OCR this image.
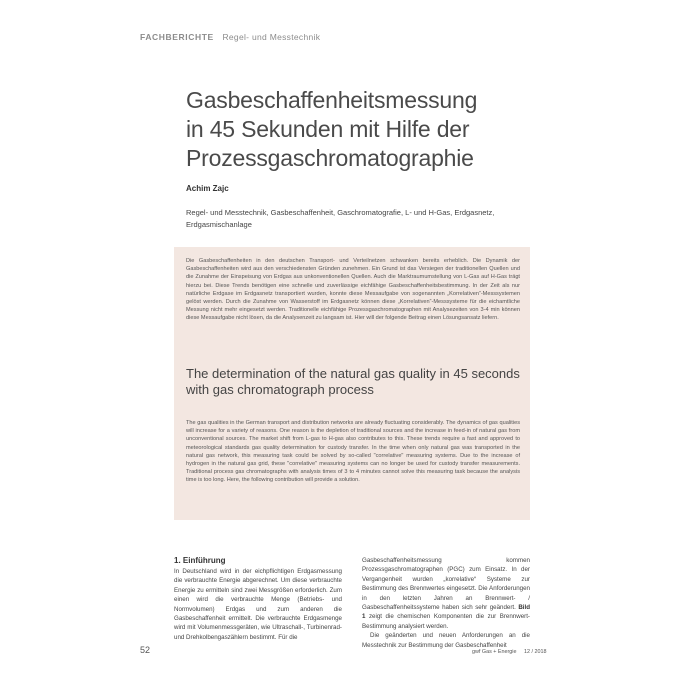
FACHBERICHTE Regel- und Messtechnik
Gasbeschaffenheitsmessung
in 45 Sekunden mit Hilfe der
Prozessgaschromatographie

Achim Zajc

Regel- und Messtechnik, Gasbeschaffenheit, Gaschromatografie, L- und H-Gas, Erdgasnetz, Erdgasmischanlage

Die Gasbeschaffenheiten in den deutschen Transport- und Verteilnetzen schwanken bereits erheblich. Die Dynamik der Gasbeschaffenheiten wird aus den verschiedensten Gründen zunehmen. Ein Grund ist das Versiegen der traditionellen Quellen und die Zunahme der Einspeisung von Erdgas aus unkonventionellen Quellen. Auch die Marktraumumstellung von L-Gas auf H-Gas trägt hierzu bei. Diese Trends benötigen eine schnelle und zuverlässige eichfähige Gasbeschaffenheitsbestimmung. In der Zeit als nur natürliche Erdgase im Erdgasnetz transportiert wurden, konnte diese Messaufgabe von sogenannten „Korrelativen“-Messsystemen gelöst werden. Durch die Zunahme von Wasserstoff im Erdgasnetz können diese „Korrelativen“-Messsysteme für die eichamtliche Messung nicht mehr eingesetzt werden. Traditionelle eichfähige Prozessgaschromatographen mit Analysezeiten von 3-4 min können diese Messaufgabe nicht lösen, da die Analysenzeit zu langsam ist. Hier will der folgende Beitrag einen Lösungsansatz liefern.

The determination of the natural gas quality in 45 seconds with gas chromatograph process

The gas qualities in the German transport and distribution networks are already fluctuating considerably. The dynamics of gas qualities will increase for a variety of reasons. One reason is the depletion of traditional sources and the increase in feed-in of natural gas from unconventional sources. The market shift from L-gas to H-gas also contributes to this. These trends require a fast and approved to meteorological standards gas quality determination for custody transfer. In the time when only natural gas was transported in the natural gas network, this measuring task could be solved by so-called "correlative" measuring systems. Due to the increase of hydrogen in the natural gas grid, these "correlative" measuring systems can no longer be used for custody transfer measurements. Traditional process gas chromatographs with analysis times of 3 to 4 minutes cannot solve this measuring task because the analysis time is too long. Here, the following contribution will provide a solution.

1. Einführung

In Deutschland wird in der eichpflichtigen Erdgasmessung die verbrauchte Energie abgerechnet. Um diese verbrauchte Energie zu ermitteln sind zwei Messgrößen erforderlich. Zum einen wird die verbrauchte Menge (Betriebs- und Normvolumen) Erdgas und zum anderen die Gasbeschaffenheit ermittelt. Die verbrauchte Erdgasmenge wird mit Volumenmessgeräten, wie Ultraschall-, Turbinenrad- und Drehkolbengaszählern bestimmt. Für die

Gasbeschaffenheitsmessung kommen Prozessgaschromatographen (PGC) zum Einsatz. In der Vergangenheit wurden „korrelative“ Systeme zur Bestimmung des Brennwertes eingesetzt. Die Anforderungen in den letzten Jahren an Brennwert- / Gasbeschaffenheitssysteme haben sich sehr geändert. Bild 1 zeigt die chemischen Komponenten die zur Brennwert-Bestimmung analysiert werden.

Die geänderten und neuen Anforderungen an die Messtechnik zur Bestimmung der Gasbeschaffenheit

52	gwf Gas + Energie 12 / 2018
